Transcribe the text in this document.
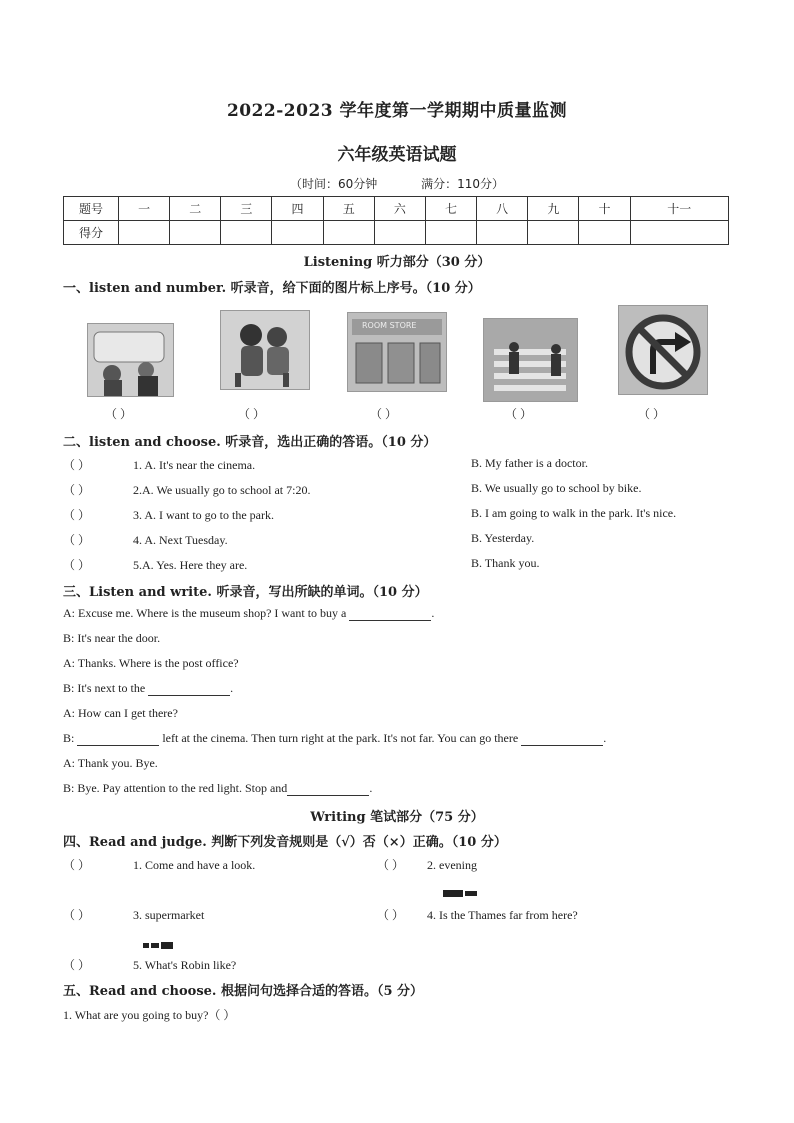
2022-2023 学年度第一学期期中质量监测
六年级英语试题
（时间：60分钟	满分：110分）
题号	一	二	三	四	五	六	七	八	九	十	十一
得分											
Listening 听力部分（30 分）
一、listen and number. 听录音，给下面的图片标上序号。（10 分）
ROOM STORE
（ ）	（ ）	（ ）	（ ）	（ ）
二、listen and choose. 听录音，选出正确的答语。（10 分）
（ ）	1. A. It's near the cinema.	B. My father is a doctor.
（ ）	2.A. We usually go to school at 7:20.	B. We usually go to school by bike.
（ ）	3. A. I want to go to the park.	B. I am going to walk in the park. It's nice.
（ ）	4. A. Next Tuesday.	B. Yesterday.
（ ）	5.A. Yes. Here they are.	B. Thank you.
三、Listen and write. 听录音，写出所缺的单词。（10 分）
A: Excuse me. Where is the museum shop? I want to buy a	.
B: It's near the door.
A: Thanks. Where is the post office?
B: It's next to the	.
A: How can I get there?
B:	left at the cinema. Then turn right at the park. It's not far. You can go there	.
A: Thank you. Bye.
B: Bye. Pay attention to the red light. Stop and	.
Writing 笔试部分（75 分）
四、Read and judge. 判断下列发音规则是（√）否（×）正确。（10 分）
（ ）	1. Come and have a look.	（ ） 2. evening
（ ）	3. supermarket	（ ） 4. Is the Thames far from here?
（ ）	5. What's Robin like?
五、Read and choose. 根据问句选择合适的答语。（5 分）
1. What are you going to buy?（ ）
